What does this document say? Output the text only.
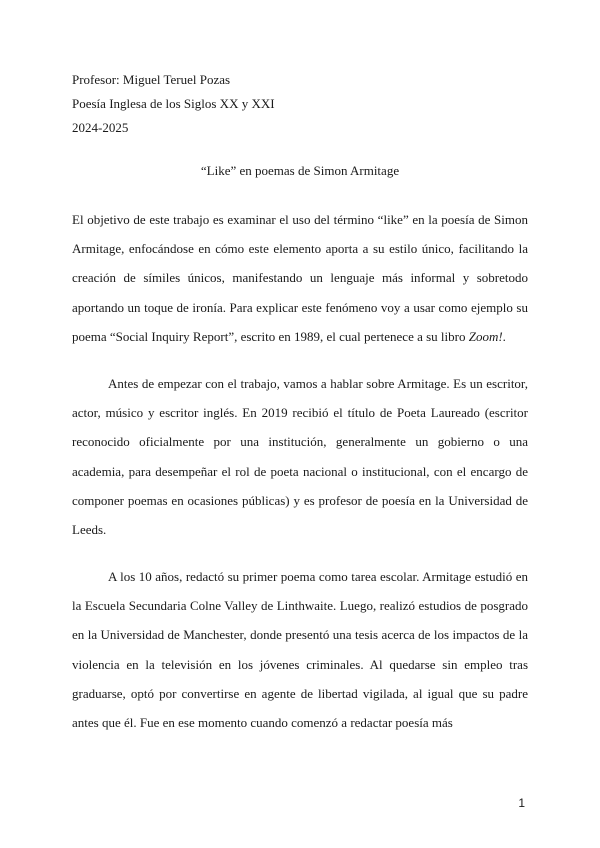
Profesor: Miguel Teruel Pozas
Poesía Inglesa de los Siglos XX y XXI
2024-2025
“Like” en poemas de Simon Armitage

El objetivo de este trabajo es examinar el uso del término “like” en la poesía de Simon Armitage, enfocándose en cómo este elemento aporta a su estilo único, facilitando la creación de símiles únicos, manifestando un lenguaje más informal y sobretodo aportando un toque de ironía. Para explicar este fenómeno voy a usar como ejemplo su poema “Social Inquiry Report”, escrito en 1989, el cual pertenece a su libro Zoom!.

Antes de empezar con el trabajo, vamos a hablar sobre Armitage. Es un escritor, actor, músico y escritor inglés. En 2019 recibió el título de Poeta Laureado (escritor reconocido oficialmente por una institución, generalmente un gobierno o una academia, para desempeñar el rol de poeta nacional o institucional, con el encargo de componer poemas en ocasiones públicas) y es profesor de poesía en la Universidad de Leeds.

A los 10 años, redactó su primer poema como tarea escolar. Armitage estudió en la Escuela Secundaria Colne Valley de Linthwaite. Luego, realizó estudios de posgrado en la Universidad de Manchester, donde presentó una tesis acerca de los impactos de la violencia en la televisión en los jóvenes criminales. Al quedarse sin empleo tras graduarse, optó por convertirse en agente de libertad vigilada, al igual que su padre antes que él. Fue en ese momento cuando comenzó a redactar poesía más

1
